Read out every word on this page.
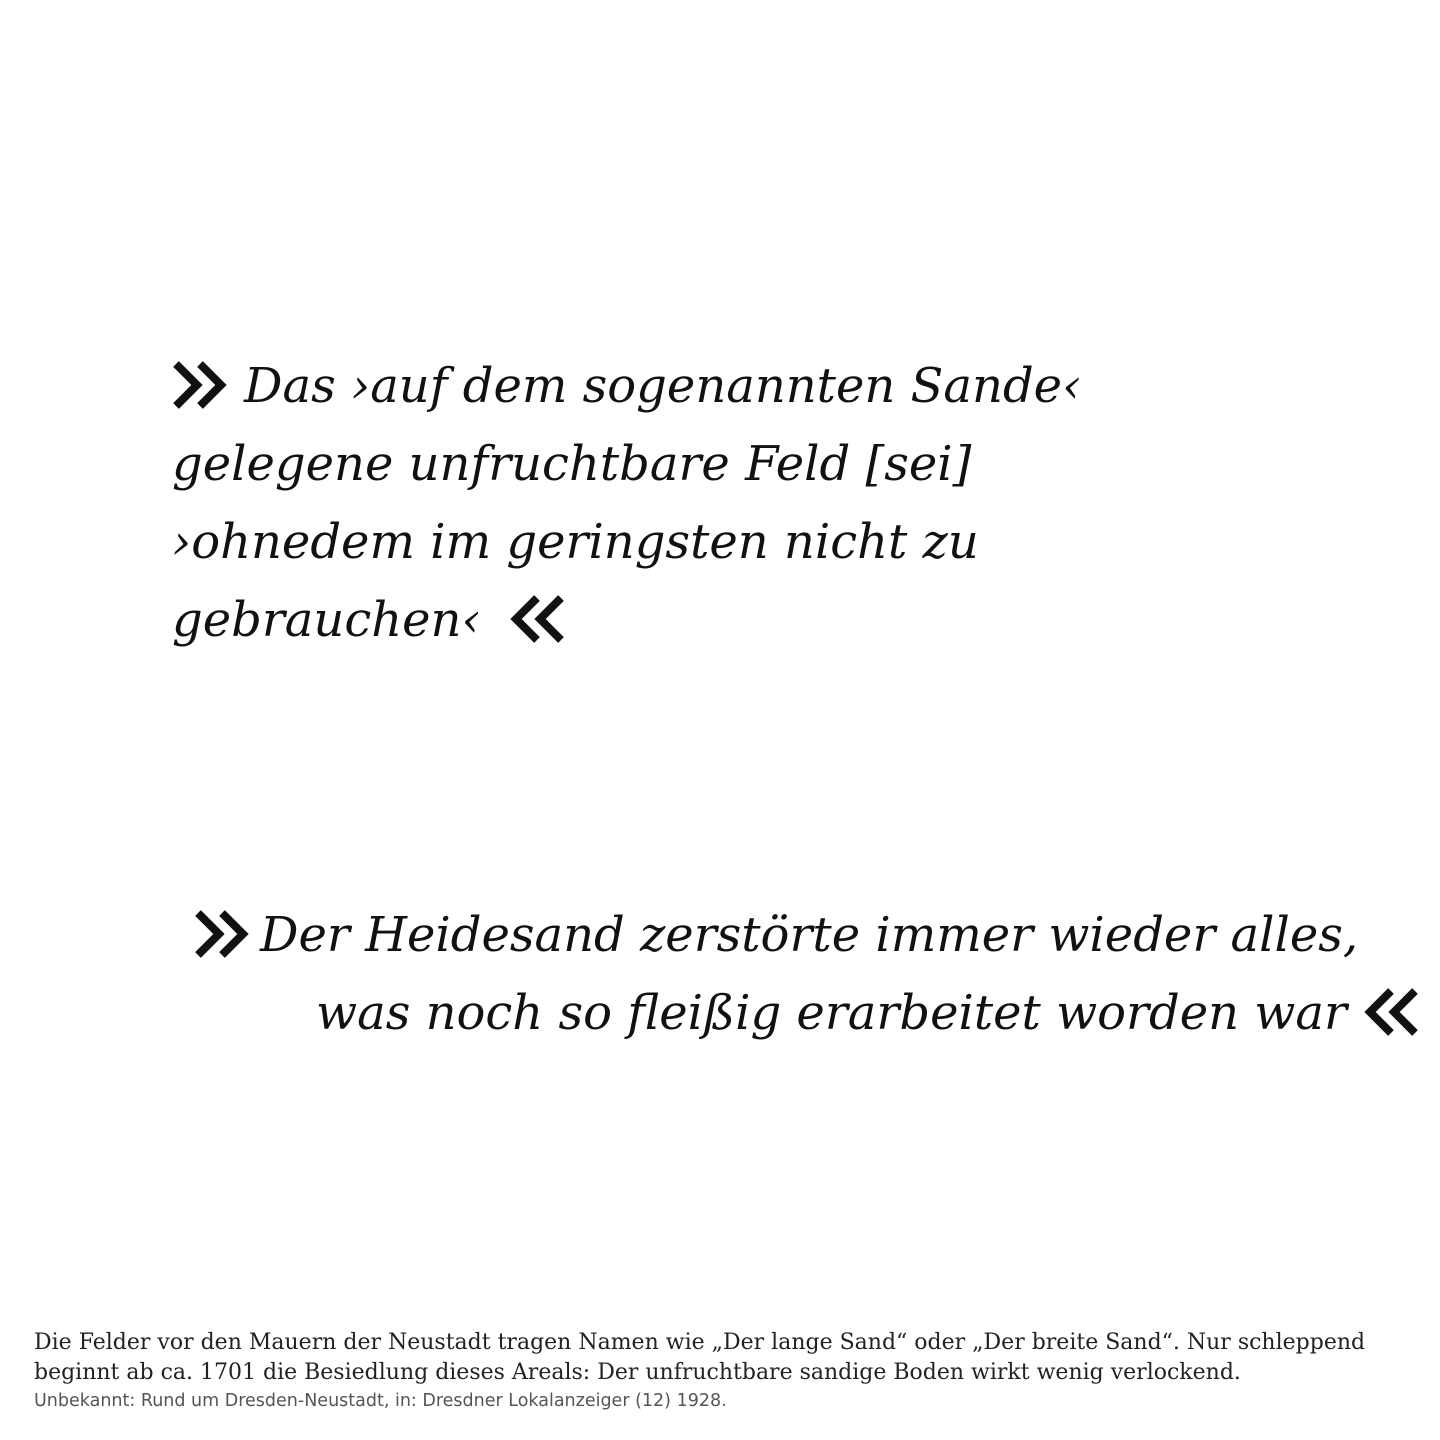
Das ›auf dem sogenannten Sande‹
gelegene unfruchtbare Feld [sei]
›ohnedem im geringsten nicht zu
gebrauchen‹
Der Heidesand zerstörte immer wieder alles,
was noch so fleißig erarbeitet worden war

Die Felder vor den Mauern der Neustadt tragen Namen wie „Der lange Sand“ oder „Der breite Sand“. Nur schleppend
beginnt ab ca. 1701 die Besiedlung dieses Areals: Der unfruchtbare sandige Boden wirkt wenig verlockend.

Unbekannt: Rund um Dresden-Neustadt, in: Dresdner Lokalanzeiger (12) 1928.
